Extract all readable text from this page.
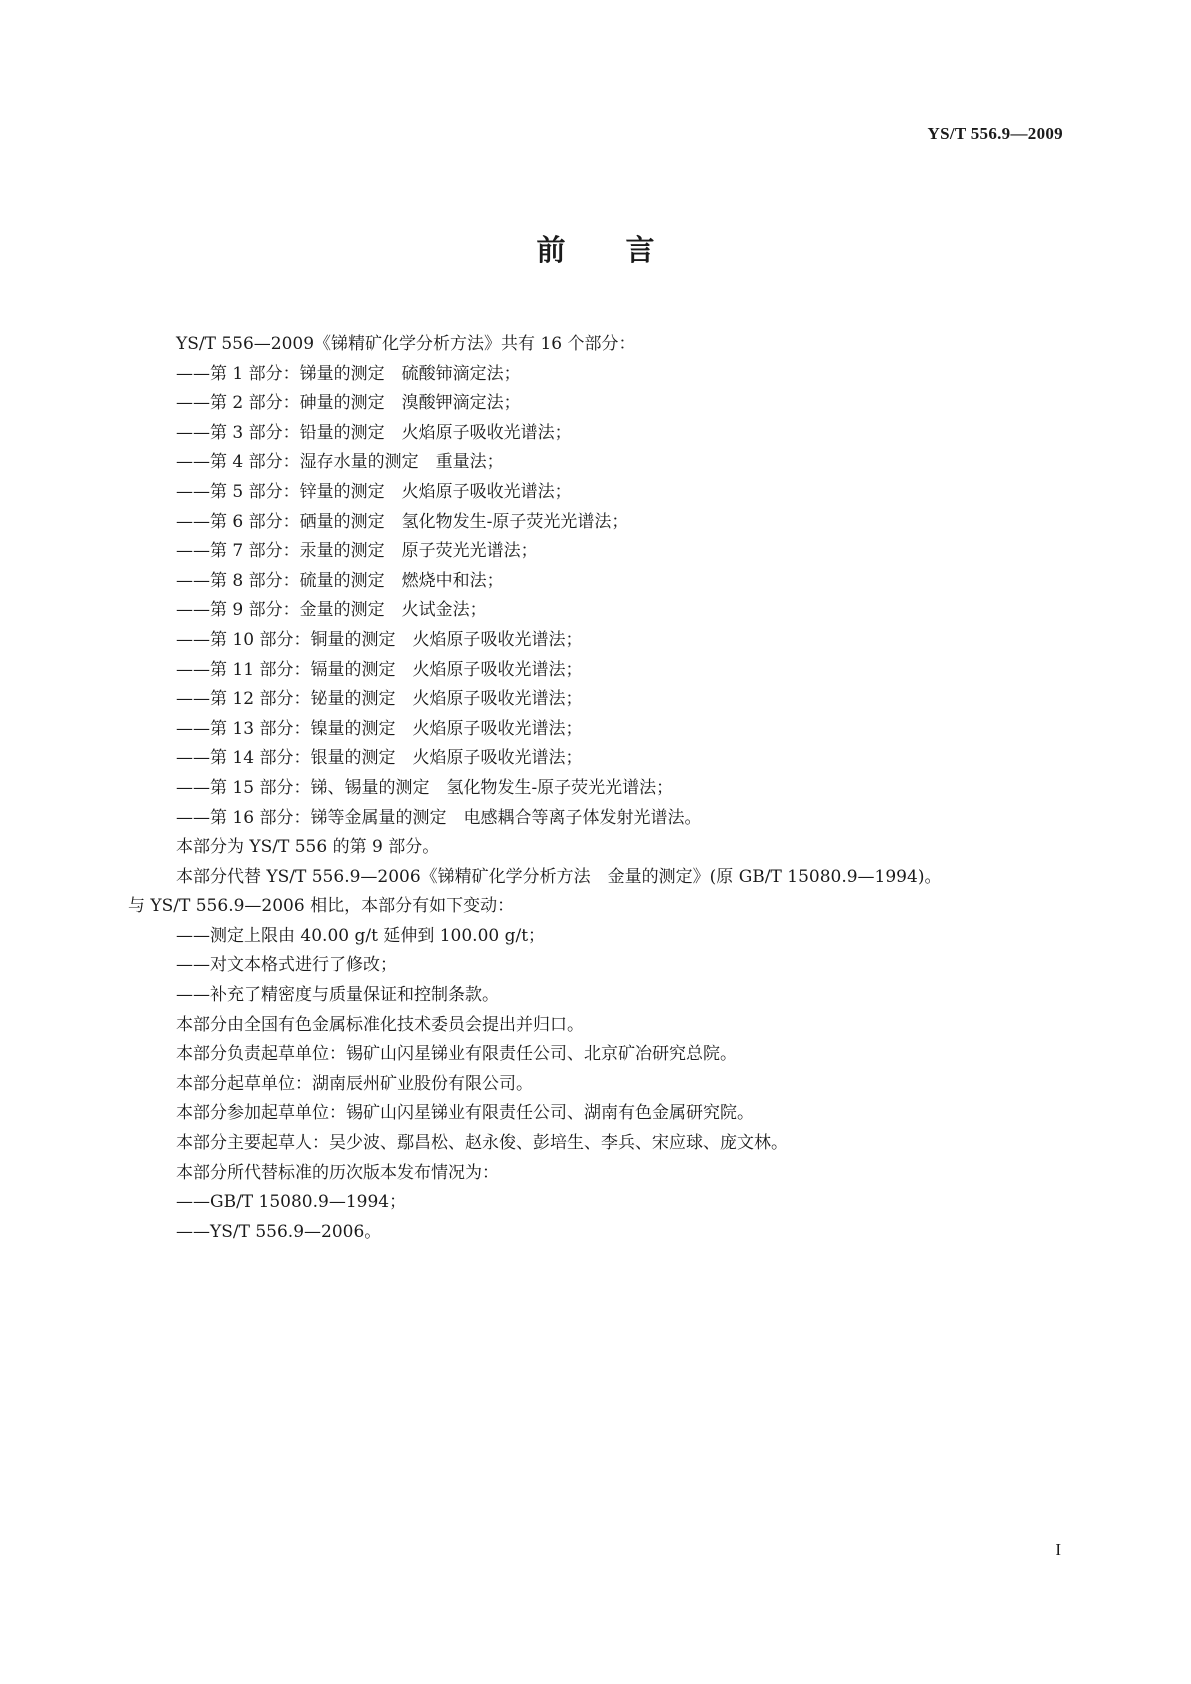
YS/T 556.9—2009
前言

YS/T 556—2009《锑精矿化学分析方法》共有 16 个部分：

——第 1 部分：锑量的测定　硫酸铈滴定法；

——第 2 部分：砷量的测定　溴酸钾滴定法；

——第 3 部分：铅量的测定　火焰原子吸收光谱法；

——第 4 部分：湿存水量的测定　重量法；

——第 5 部分：锌量的测定　火焰原子吸收光谱法；

——第 6 部分：硒量的测定　氢化物发生-原子荧光光谱法；

——第 7 部分：汞量的测定　原子荧光光谱法；

——第 8 部分：硫量的测定　燃烧中和法；

——第 9 部分：金量的测定　火试金法；

——第 10 部分：铜量的测定　火焰原子吸收光谱法；

——第 11 部分：镉量的测定　火焰原子吸收光谱法；

——第 12 部分：铋量的测定　火焰原子吸收光谱法；

——第 13 部分：镍量的测定　火焰原子吸收光谱法；

——第 14 部分：银量的测定　火焰原子吸收光谱法；

——第 15 部分：锑、锡量的测定　氢化物发生-原子荧光光谱法；

——第 16 部分：锑等金属量的测定　电感耦合等离子体发射光谱法。

本部分为 YS/T 556 的第 9 部分。

本部分代替 YS/T 556.9—2006《锑精矿化学分析方法　金量的测定》(原 GB/T 15080.9—1994)。

与 YS/T 556.9—2006 相比，本部分有如下变动：

——测定上限由 40.00 g/t 延伸到 100.00 g/t；

——对文本格式进行了修改；

——补充了精密度与质量保证和控制条款。

本部分由全国有色金属标准化技术委员会提出并归口。

本部分负责起草单位：锡矿山闪星锑业有限责任公司、北京矿冶研究总院。

本部分起草单位：湖南辰州矿业股份有限公司。

本部分参加起草单位：锡矿山闪星锑业有限责任公司、湖南有色金属研究院。

本部分主要起草人：吴少波、鄢昌松、赵永俊、彭培生、李兵、宋应球、庞文林。

本部分所代替标准的历次版本发布情况为：

——GB/T 15080.9—1994；

——YS/T 556.9—2006。

I
